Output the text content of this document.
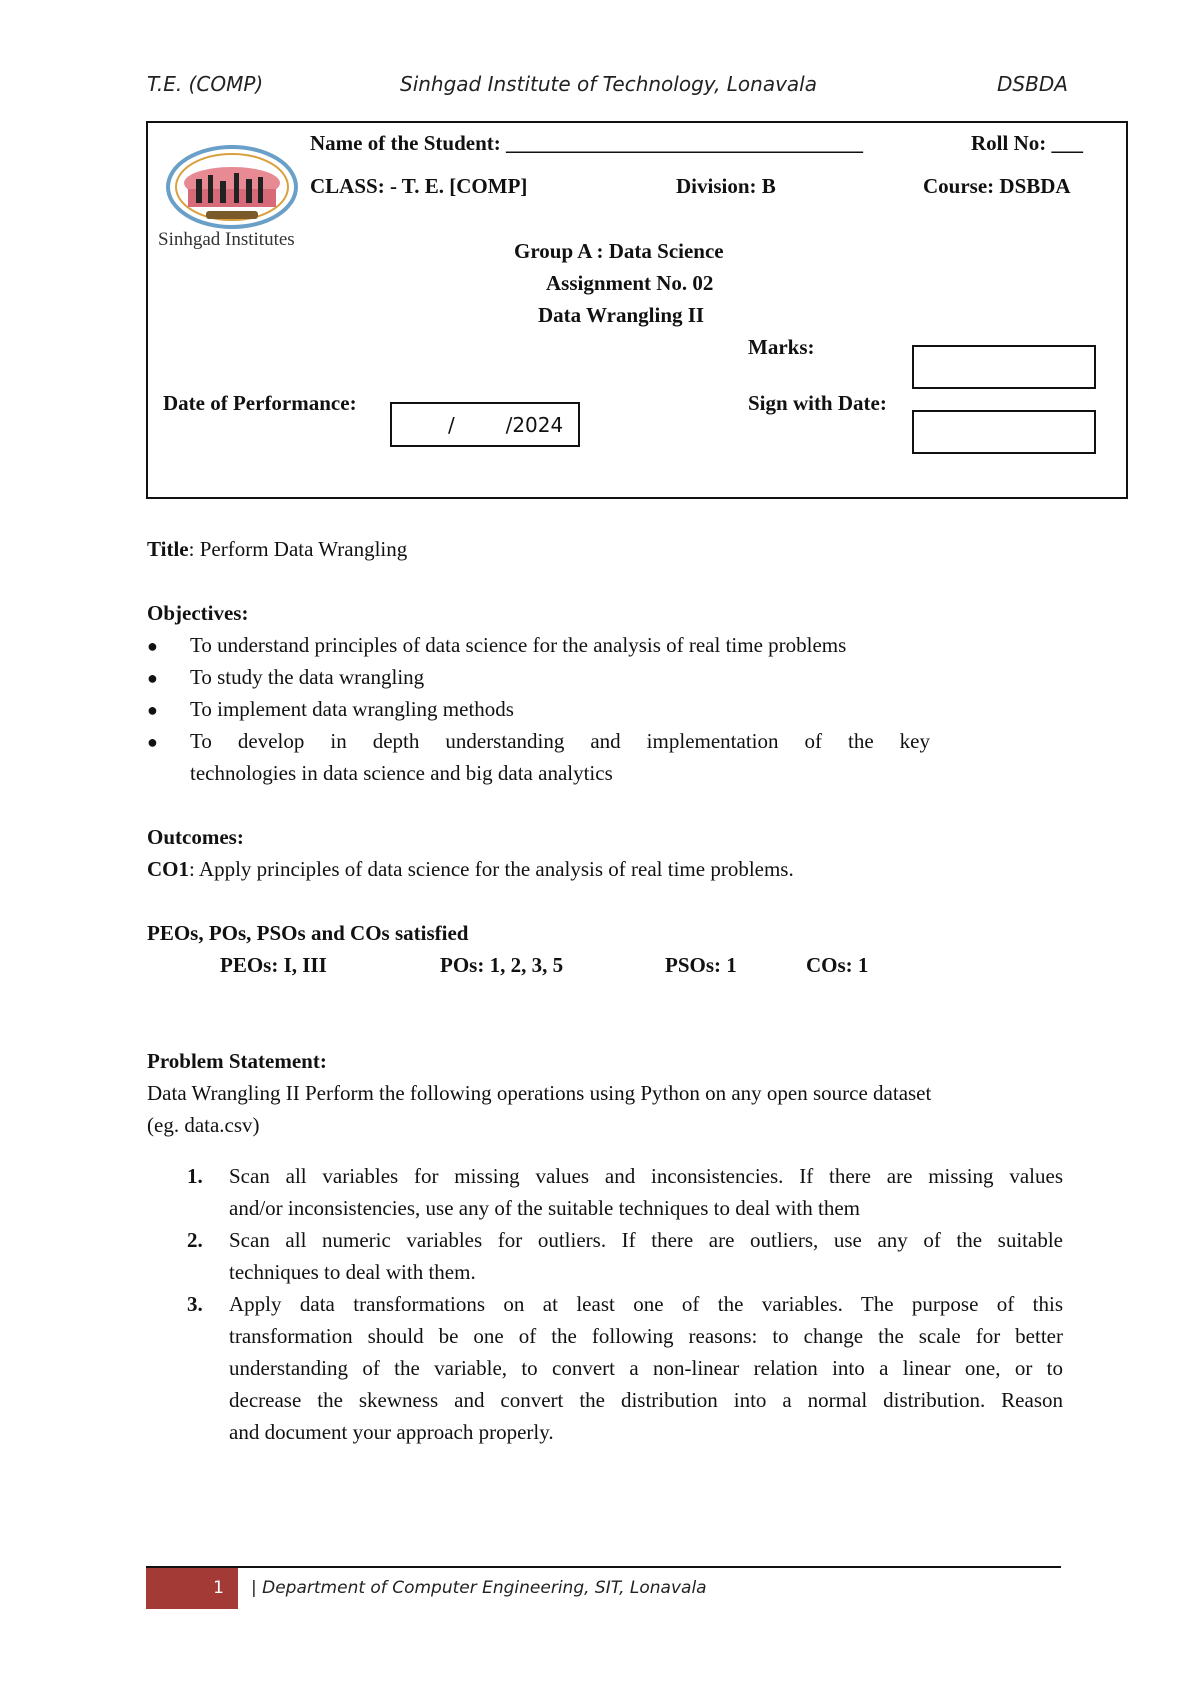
T.E. (COMP)	Sinhgad Institute of Technology, Lonavala	DSBDA
Sinhgad Institutes
Name of the Student: __________________________________	Roll No: ___
CLASS: - T. E. [COMP]	Division: B	Course: DSBDA
Group A : Data Science
Assignment No. 02
Data Wrangling II
Marks:
Date of Performance:
/        /2024
Sign with Date:
Title: Perform Data Wrangling
Objectives:
● To understand principles of data science for the analysis of real time problems
● To study the data wrangling
● To implement data wrangling methods
●	To develop in depth understanding and implementation of the key
technologies in data science and big data analytics
Outcomes:
CO1: Apply principles of data science for the analysis of real time problems.
PEOs, POs, PSOs and COs satisfied
PEOs: I, III	POs: 1, 2, 3, 5	PSOs: 1	COs: 1
Problem Statement:
Data Wrangling II Perform the following operations using Python on any open source dataset
(eg. data.csv)
1. Scan all variables for missing values and inconsistencies. If there are missing values
and/or inconsistencies, use any of the suitable techniques to deal with them
2. Scan all numeric variables for outliers. If there are outliers, use any of the suitable
techniques to deal with them.
3. Apply data transformations on at least one of the variables. The purpose of this
transformation should be one of the following reasons: to change the scale for better
understanding of the variable, to convert a non-linear relation into a linear one, or to
decrease the skewness and convert the distribution into a normal distribution. Reason
and document your approach properly.
1	| Department of Computer Engineering, SIT, Lonavala
